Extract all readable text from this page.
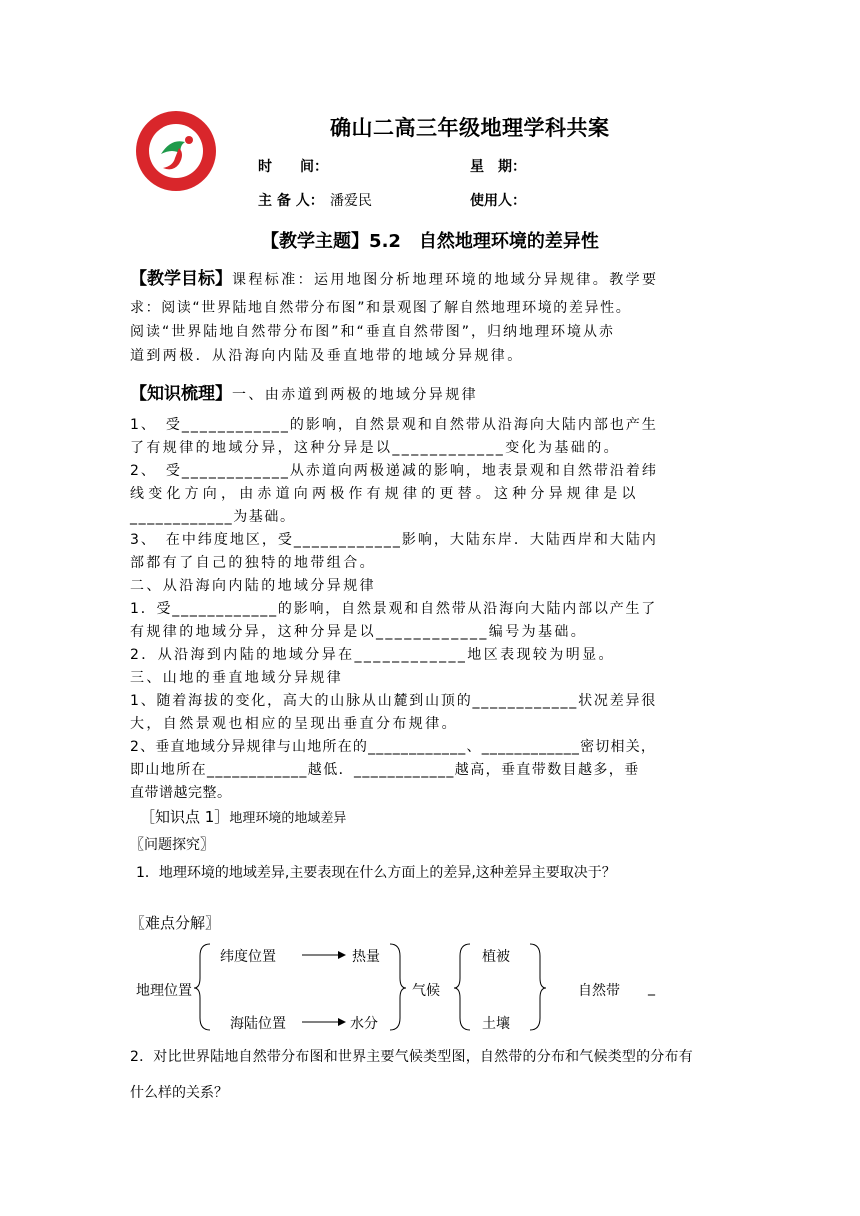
确山二高三年级地理学科共案
时　　间：	星　期：
主 备 人： 潘爱民	使用人：
【教学主题】5.2　自然地理环境的差异性
【教学目标】课程标准：运用地图分析地理环境的地域分异规律。教学要
求：阅读“世界陆地自然带分布图”和景观图了解自然地理环境的差异性。
阅读“世界陆地自然带分布图”和“垂直自然带图”，归纳地理环境从赤
道到两极．从沿海向内陆及垂直地带的地域分异规律。
【知识梳理】一、由赤道到两极的地域分异规律
1、　受____________的影响，自然景观和自然带从沿海向大陆内部也产生
了有规律的地域分异，这种分异是以____________变化为基础的。
2、　受____________从赤道向两极递减的影响，地表景观和自然带沿着纬
线变化方向，由赤道向两极作有规律的更替。这种分异规律是以
____________为基础。
3、　在中纬度地区，受____________影响，大陆东岸．大陆西岸和大陆内
部都有了自己的独特的地带组合。
二、从沿海向内陆的地域分异规律
1．受____________的影响，自然景观和自然带从沿海向大陆内部以产生了
有规律的地域分异，这种分异是以____________编号为基础。
2．从沿海到内陆的地域分异在____________地区表现较为明显。
三、山地的垂直地域分异规律
1、随着海拔的变化，高大的山脉从山麓到山顶的____________状况差异很
大，自然景观也相应的呈现出垂直分布规律。
2、垂直地域分异规律与山地所在的____________、____________密切相关，
即山地所在____________越低．____________越高，垂直带数目越多，垂
直带谱越完整。
［知识点 1］地理环境的地域差异
〖问题探究〗
1．地理环境的地域差异,主要表现在什么方面上的差异,这种差异主要取决于？
〖难点分解〗
地理位置
纬度位置	热量
海陆位置	水分
气候
植被
土壤
自然带 _
2．对比世界陆地自然带分布图和世界主要气候类型图，自然带的分布和气候类型的分布有
什么样的关系？
